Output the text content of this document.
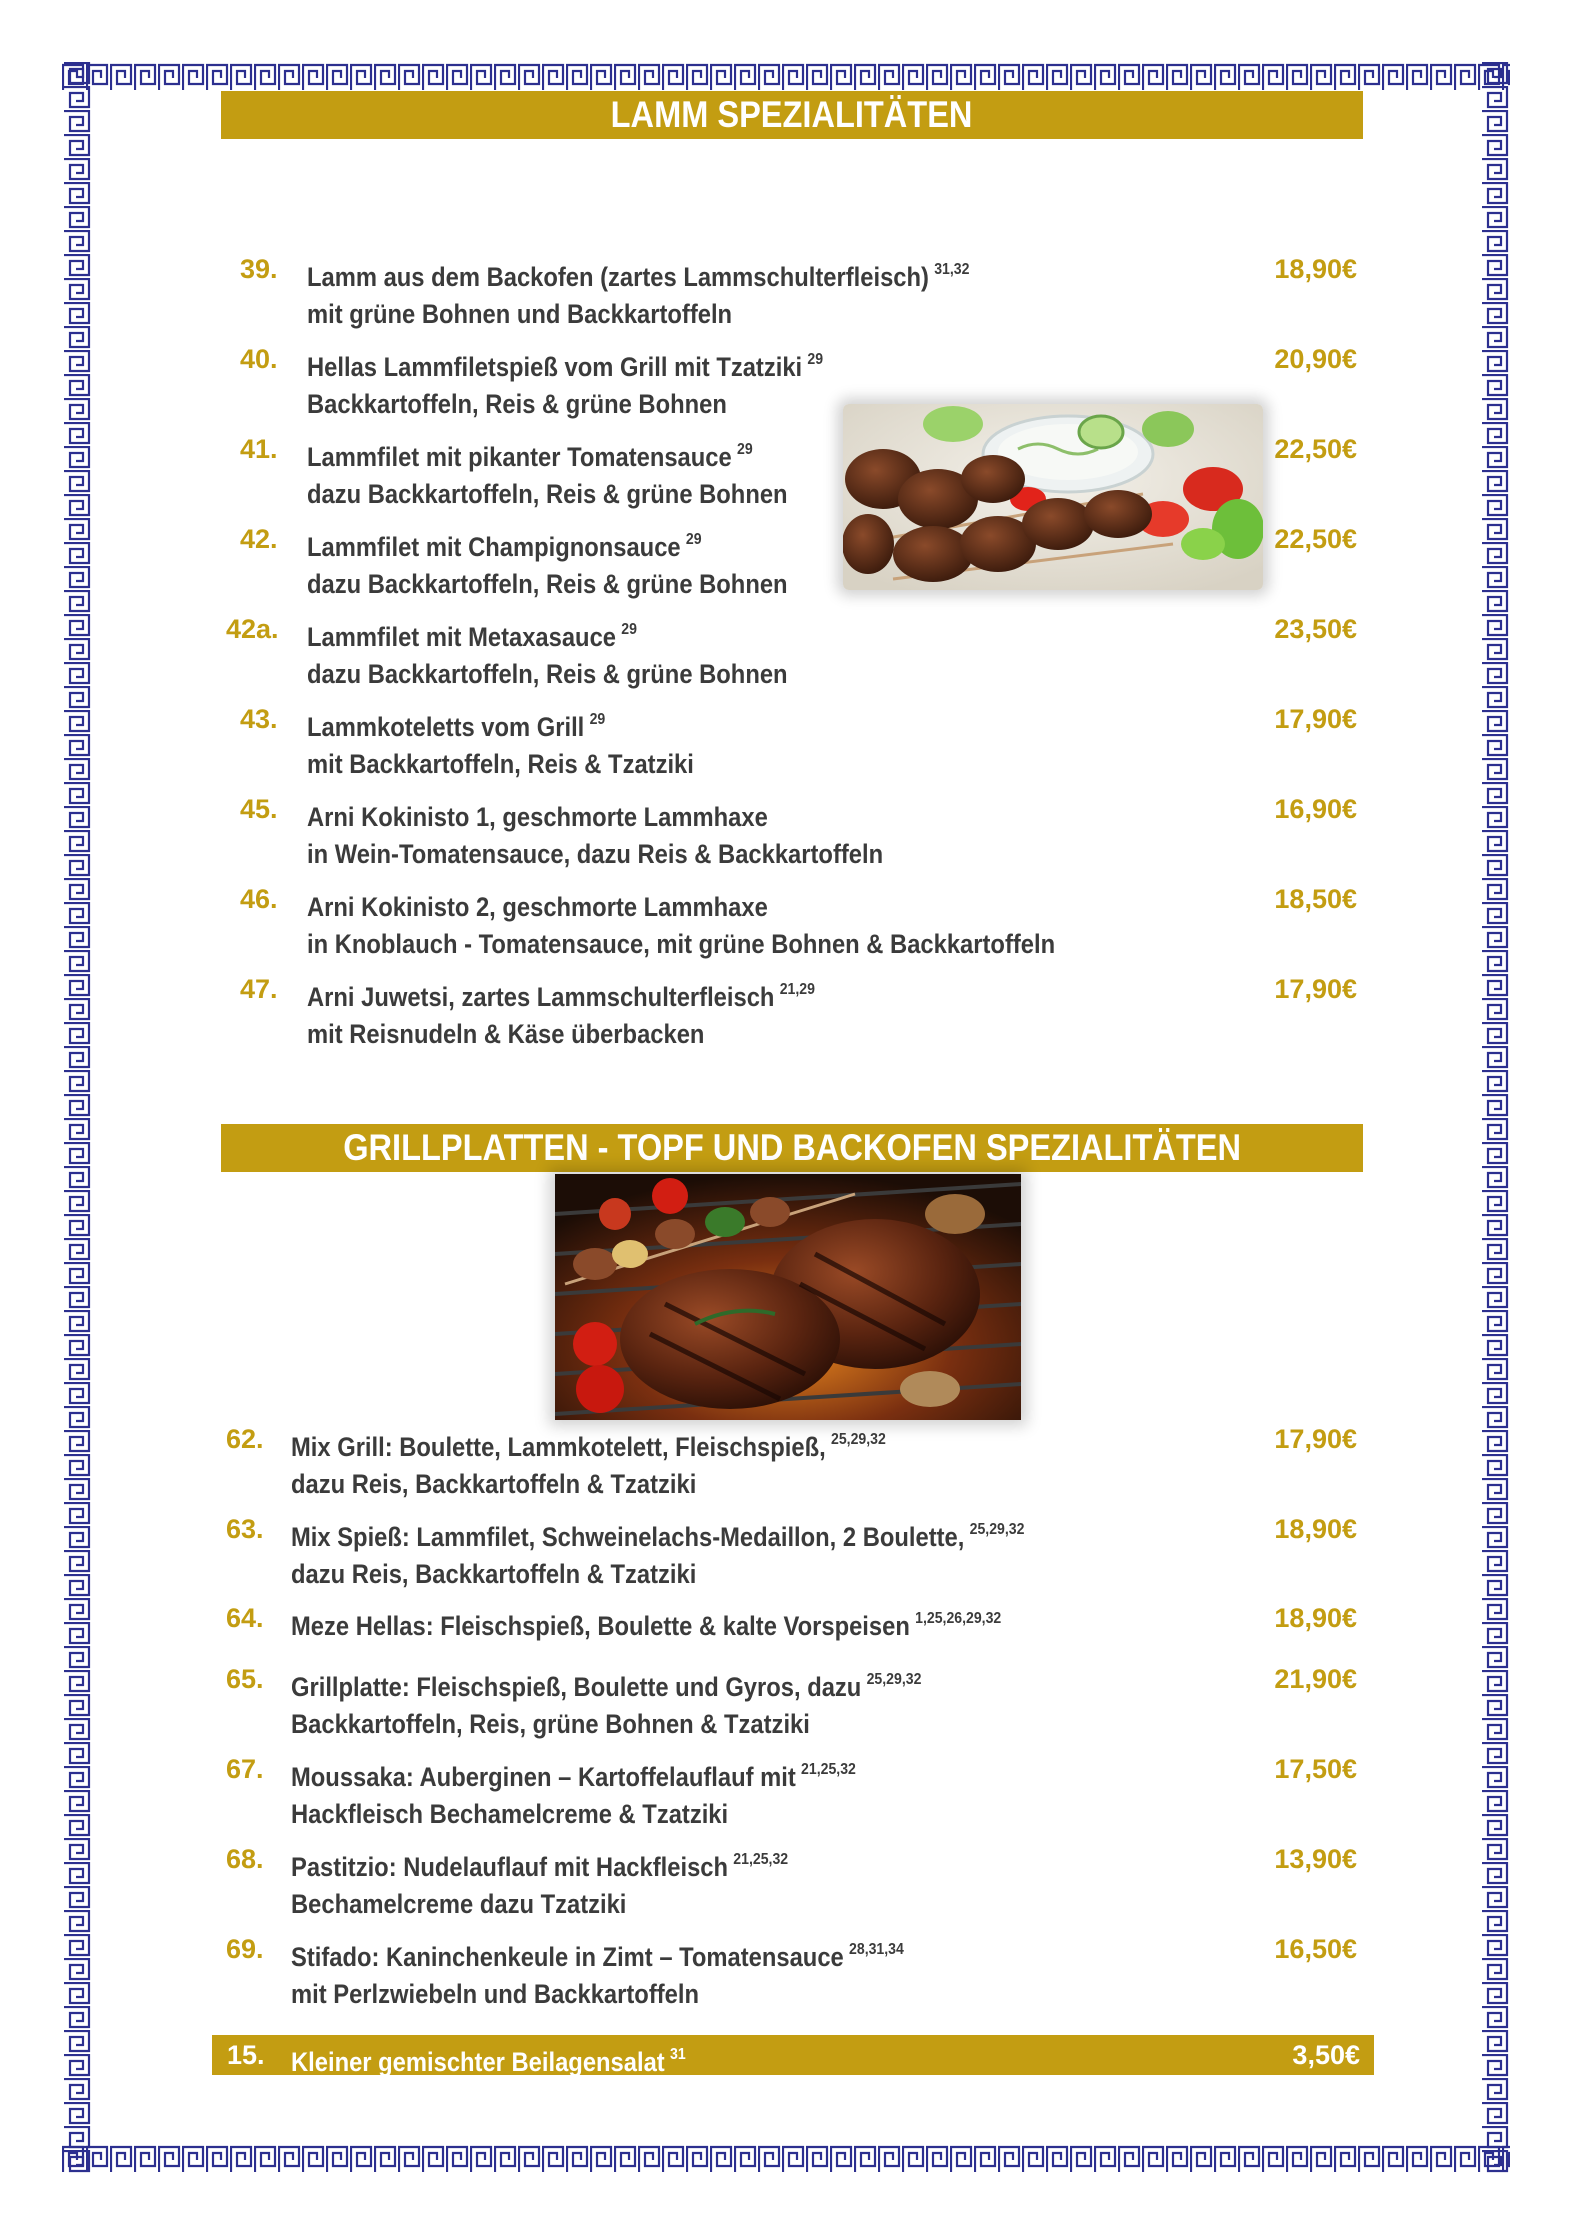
LAMM SPEZIALITÄTEN
39. Lamm aus dem Backofen (zartes Lammschulterfleisch) $^{31,32}$
mit grüne Bohnen und Backkartoffeln
18,90€
40. Hellas Lammfiletspieß vom Grill mit Tzatziki $^{29}$
Backkartoffeln, Reis & grüne Bohnen
20,90€
41. Lammfilet mit pikanter Tomatensauce $^{29}$
dazu Backkartoffeln, Reis & grüne Bohnen
22,50€
42. Lammfilet mit Champignonsauce $^{29}$
dazu Backkartoffeln, Reis & grüne Bohnen
22,50€
42a. Lammfilet mit Metaxasauce $^{29}$
dazu Backkartoffeln, Reis & grüne Bohnen
23,50€
43. Lammkoteletts vom Grill $^{29}$
mit Backkartoffeln, Reis & Tzatziki
17,90€
45. Arni Kokinisto 1, geschmorte Lammhaxe
in Wein-Tomatensauce, dazu Reis & Backkartoffeln
16,90€
46. Arni Kokinisto 2, geschmorte Lammhaxe
in Knoblauch - Tomatensauce, mit grüne Bohnen & Backkartoffeln
18,50€
47. Arni Juwetsi, zartes Lammschulterfleisch $^{21,29}$
mit Reisnudeln & Käse überbacken
17,90€
GRILLPLATTEN - TOPF UND BACKOFEN SPEZIALITÄTEN
62. Mix Grill: Boulette, Lammkotelett, Fleischspieß, $^{25,29,32}$
dazu Reis, Backkartoffeln & Tzatziki
17,90€
63. Mix Spieß: Lammfilet, Schweinelachs-Medaillon, 2 Boulette, $^{25,29,32}$
dazu Reis, Backkartoffeln & Tzatziki
18,90€
64. Meze Hellas: Fleischspieß, Boulette & kalte Vorspeisen $^{1,25,26,29,32}$	18,90€
65. Grillplatte: Fleischspieß, Boulette und Gyros, dazu $^{25,29,32}$
Backkartoffeln, Reis, grüne Bohnen & Tzatziki
21,90€
67. Moussaka: Auberginen – Kartoffelauflauf mit $^{21,25,32}$
Hackfleisch Bechamelcreme & Tzatziki
17,50€
68. Pastitzio: Nudelauflauf mit Hackfleisch $^{21,25,32}$
Bechamelcreme dazu Tzatziki
13,90€
69. Stifado: Kaninchenkeule in Zimt – Tomatensauce $^{28,31,34}$
mit Perlzwiebeln und Backkartoffeln
16,50€
15. Kleiner gemischter Beilagensalat $^{31}$	3,50€
